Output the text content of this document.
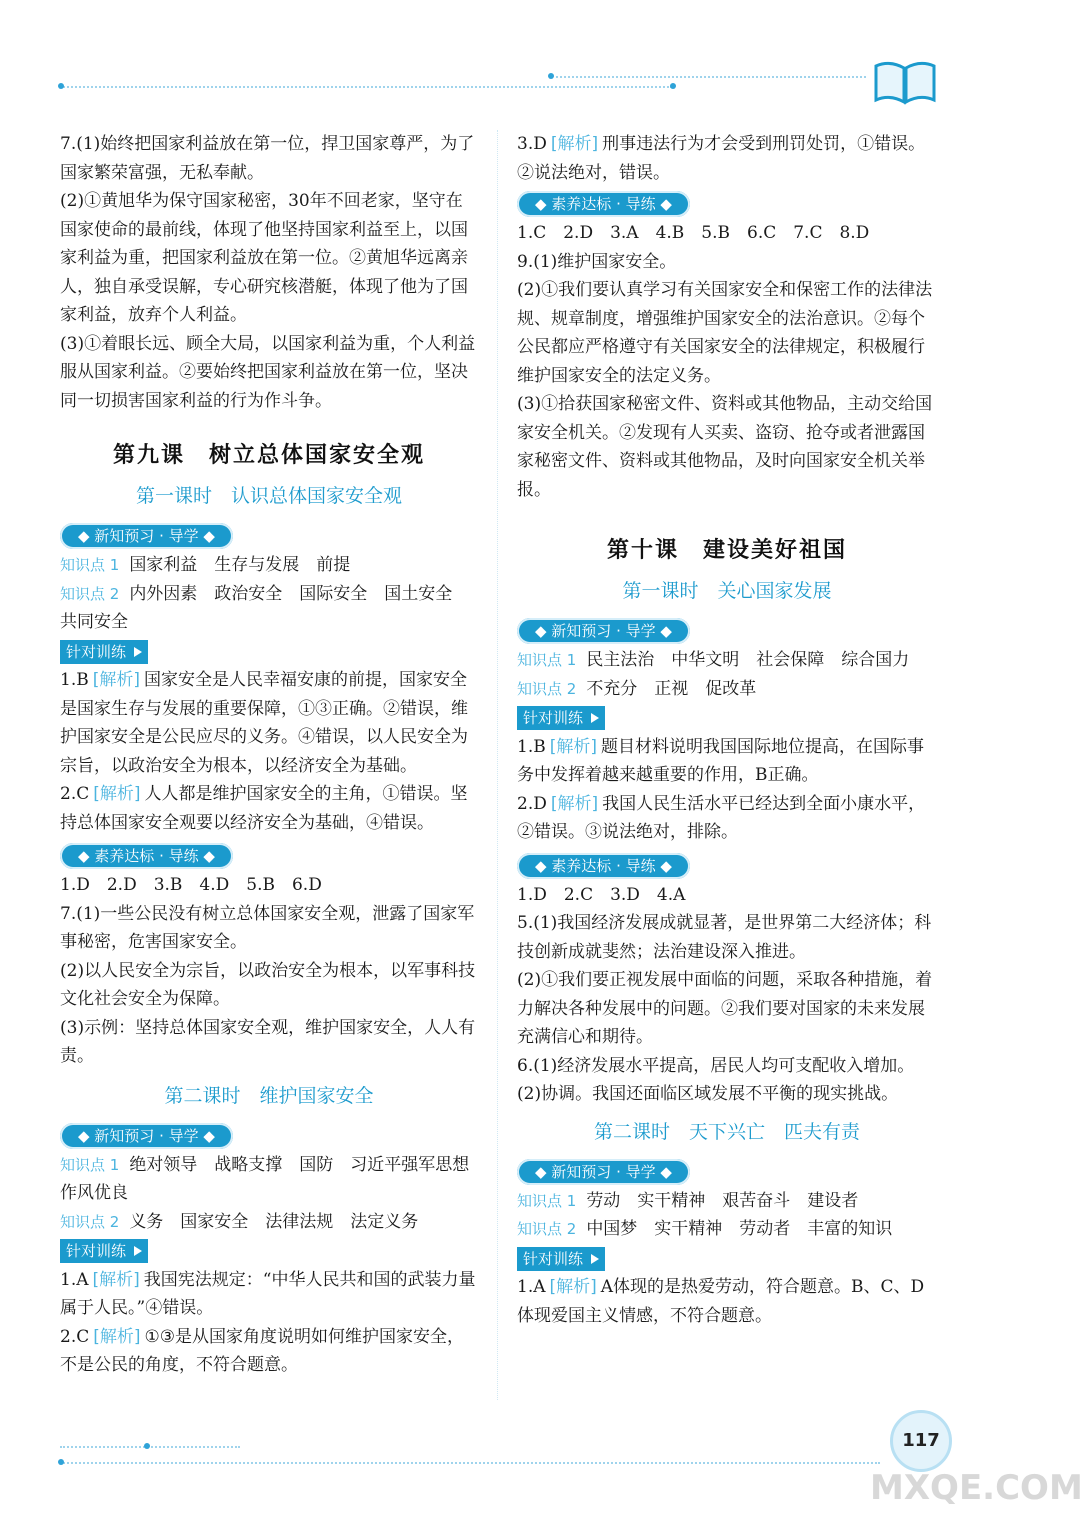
7.(1)始终把国家利益放在第一位，捍卫国家尊严，为了国家繁荣富强，无私奉献。

(2)①黄旭华为保守国家秘密，30年不回老家，坚守在国家使命的最前线，体现了他坚持国家利益至上，以国家利益为重，把国家利益放在第一位。②黄旭华远离亲人，独自承受误解，专心研究核潜艇，体现了他为了国家利益，放弃个人利益。

(3)①着眼长远、顾全大局，以国家利益为重，个人利益服从国家利益。②要始终把国家利益放在第一位，坚决同一切损害国家利益的行为作斗争。

第九课　树立总体国家安全观
第一课时　认识总体国家安全观
◆ 新知预习 · 导学 ◆

知识点 1 国家利益　生存与发展　前提

知识点 2 内外因素　政治安全　国际安全　国土安全　共同安全

针对训练

1.B [解析] 国家安全是人民幸福安康的前提，国家安全是国家生存与发展的重要保障，①③正确。②错误，维护国家安全是公民应尽的义务。④错误，以人民安全为宗旨，以政治安全为根本，以经济安全为基础。

2.C [解析] 人人都是维护国家安全的主角，①错误。坚持总体国家安全观要以经济安全为基础，④错误。

◆ 素养达标 · 导练 ◆

1.D　2.D　3.B　4.D　5.B　6.D

7.(1)一些公民没有树立总体国家安全观，泄露了国家军事秘密，危害国家安全。

(2)以人民安全为宗旨，以政治安全为根本，以军事科技文化社会安全为保障。

(3)示例：坚持总体国家安全观，维护国家安全，人人有责。

第二课时　维护国家安全
◆ 新知预习 · 导学 ◆

知识点 1 绝对领导　战略支撑　国防　习近平强军思想　作风优良

知识点 2 义务　国家安全　法律法规　法定义务

针对训练

1.A [解析] 我国宪法规定：“中华人民共和国的武装力量属于人民。”④错误。

2.C [解析] ①③是从国家角度说明如何维护国家安全，不是公民的角度，不符合题意。

3.D [解析] 刑事违法行为才会受到刑罚处罚，①错误。②说法绝对，错误。

◆ 素养达标 · 导练 ◆

1.C　2.D　3.A　4.B　5.B　6.C　7.C　8.D

9.(1)维护国家安全。

(2)①我们要认真学习有关国家安全和保密工作的法律法规、规章制度，增强维护国家安全的法治意识。②每个公民都应严格遵守有关国家安全的法律规定，积极履行维护国家安全的法定义务。

(3)①拾获国家秘密文件、资料或其他物品，主动交给国家安全机关。②发现有人买卖、盗窃、抢夺或者泄露国家秘密文件、资料或其他物品，及时向国家安全机关举报。

第十课　建设美好祖国
第一课时　关心国家发展
◆ 新知预习 · 导学 ◆

知识点 1 民主法治　中华文明　社会保障　综合国力

知识点 2 不充分　正视　促改革

针对训练

1.B [解析] 题目材料说明我国国际地位提高，在国际事务中发挥着越来越重要的作用，B正确。

2.D [解析] 我国人民生活水平已经达到全面小康水平，②错误。③说法绝对，排除。

◆ 素养达标 · 导练 ◆

1.D　2.C　3.D　4.A

5.(1)我国经济发展成就显著，是世界第二大经济体；科技创新成就斐然；法治建设深入推进。

(2)①我们要正视发展中面临的问题，采取各种措施，着力解决各种发展中的问题。②我们要对国家的未来发展充满信心和期待。

6.(1)经济发展水平提高，居民人均可支配收入增加。

(2)协调。我国还面临区域发展不平衡的现实挑战。

第二课时　天下兴亡　匹夫有责
◆ 新知预习 · 导学 ◆

知识点 1 劳动　实干精神　艰苦奋斗　建设者

知识点 2 中国梦　实干精神　劳动者　丰富的知识

针对训练

1.A [解析] A体现的是热爱劳动，符合题意。B、C、D体现爱国主义情感，不符合题意。

117
MXQE.COM
